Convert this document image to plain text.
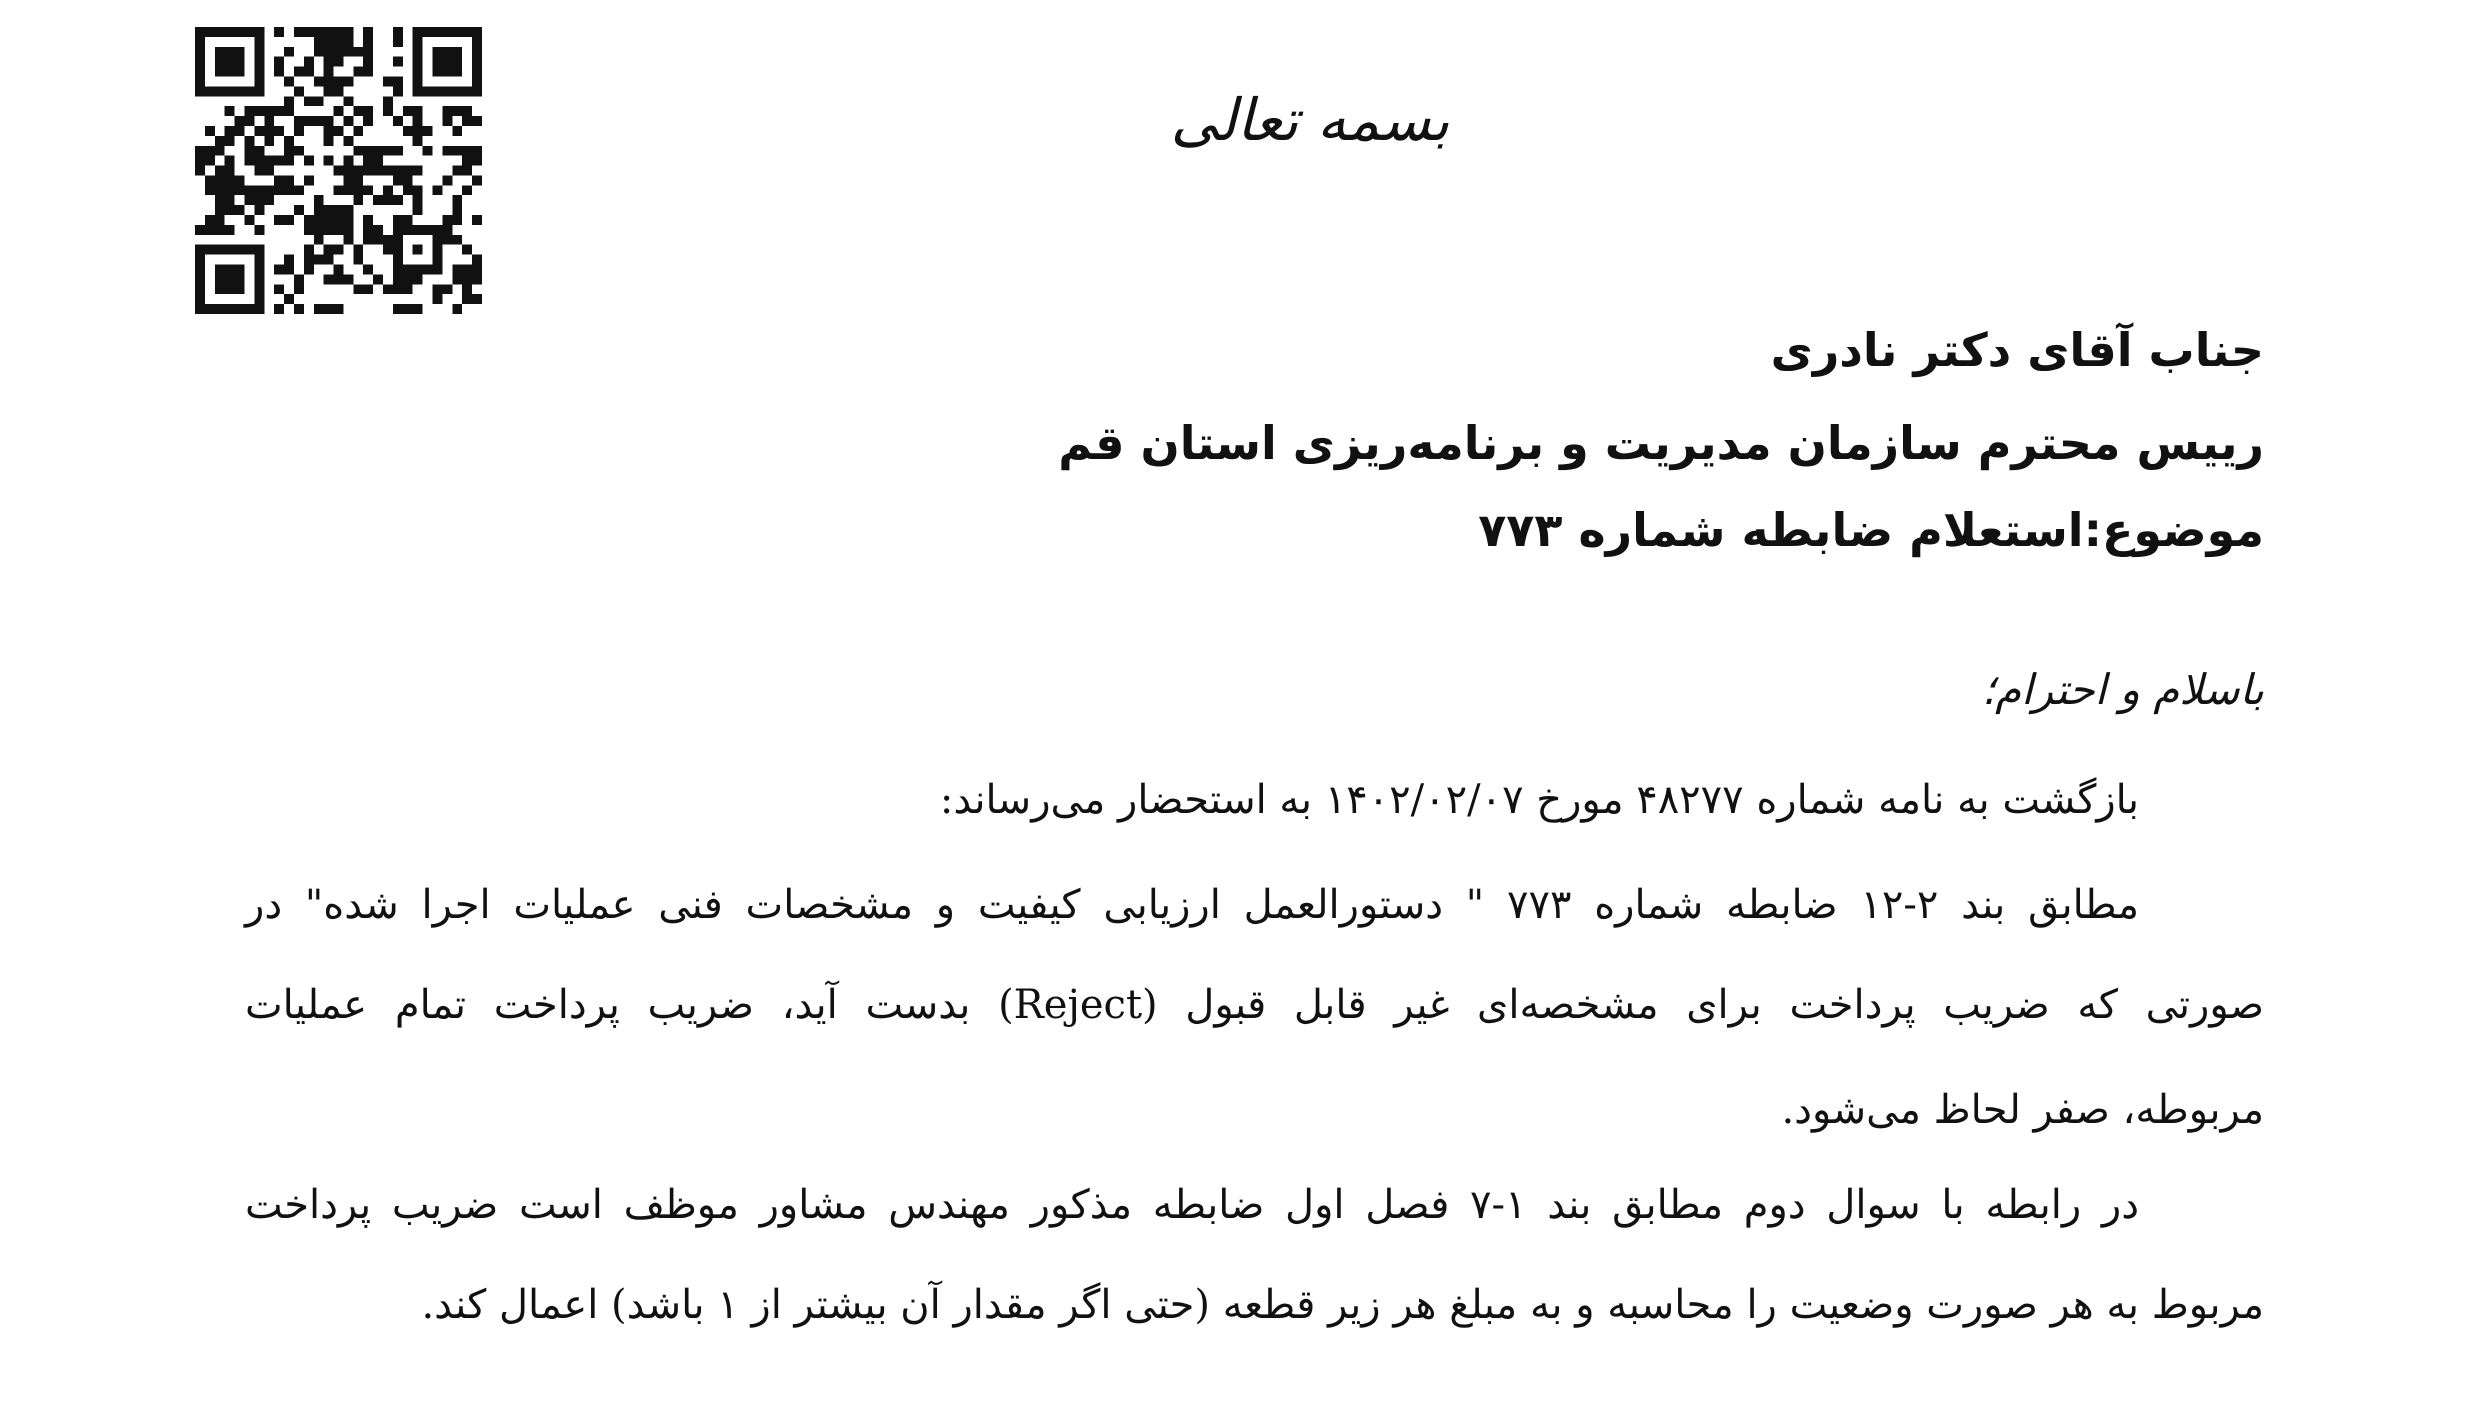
بسمه تعالی
جناب آقای دکتر نادری
رییس محترم سازمان مدیریت و برنامه‌ریزی استان قم
موضوع:استعلام ضابطه شماره ۷۷۳
باسلام و احترام؛
بازگشت به نامه شماره ۴۸۲۷۷ مورخ ۱۴۰۲/۰۲/۰۷ به استحضار می‌رساند:
مطابق بند ۲-۱۲ ضابطه شماره ۷۷۳ " دستورالعمل ارزیابی کیفیت و مشخصات فنی عملیات اجرا شده" در
صورتی که ضریب پرداخت برای مشخصه‌ای غیر قابل قبول (Reject) بدست آید، ضریب پرداخت تمام عملیات
مربوطه، صفر لحاظ می‌شود.
در رابطه با سوال دوم مطابق بند ۱-۷ فصل اول ضابطه مذکور مهندس مشاور موظف است ضریب پرداخت
مربوط به هر صورت وضعیت را محاسبه و به مبلغ هر زیر قطعه (حتی اگر مقدار آن بیشتر از ۱ باشد) اعمال کند.
